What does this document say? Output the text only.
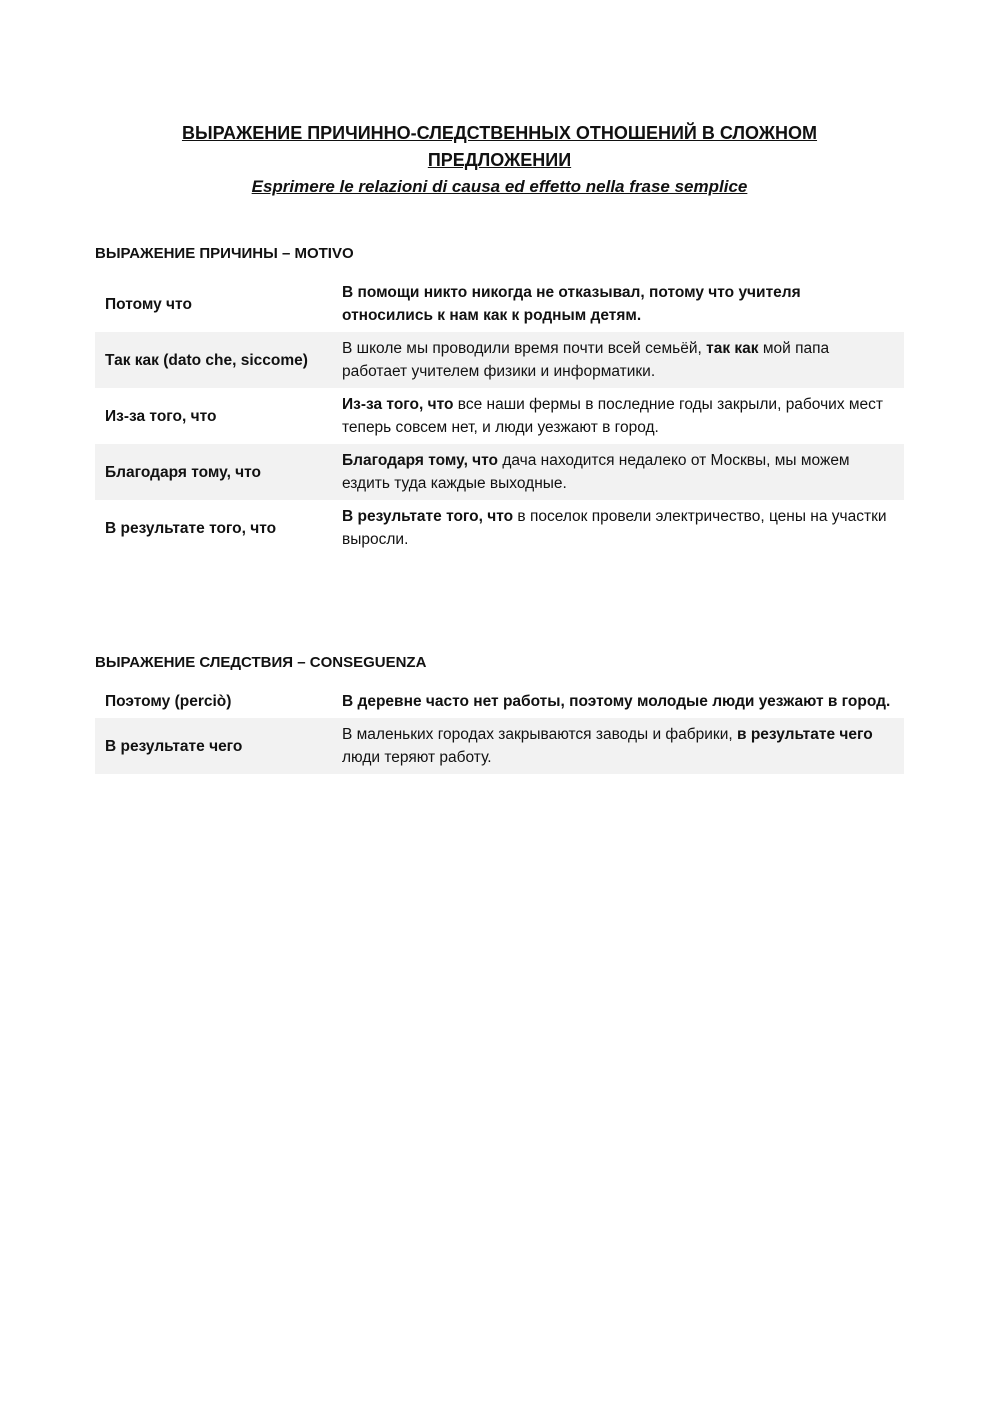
ВЫРАЖЕНИЕ ПРИЧИННО-СЛЕДСТВЕННЫХ ОТНОШЕНИЙ В СЛОЖНОМ ПРЕДЛОЖЕНИИ

Esprimere le relazioni di causa ed effetto nella frase semplice

ВЫРАЖЕНИЕ ПРИЧИНЫ – MOTIVO

Потому что	В помощи никто никогда не отказывал, потому что учителя относились к нам как к родным детям.
Так как (dato che, siccome)	В школе мы проводили время почти всей семьёй, так как мой папа работает учителем физики и информатики.
Из-за того, что	Из-за того, что все наши фермы в последние годы закрыли, рабочих мест теперь совсем нет, и люди уезжают в город.
Благодаря тому, что	Благодаря тому, что дача находится недалеко от Москвы, мы можем ездить туда каждые выходные.
В результате того, что	В результате того, что в поселок провели электричество, цены на участки выросли.

ВЫРАЖЕНИЕ СЛЕДСТВИЯ – CONSEGUENZA

Поэтому (perciò)	В деревне часто нет работы, поэтому молодые люди уезжают в город.
В результате чего	В маленьких городах закрываются заводы и фабрики, в результате чего люди теряют работу.
